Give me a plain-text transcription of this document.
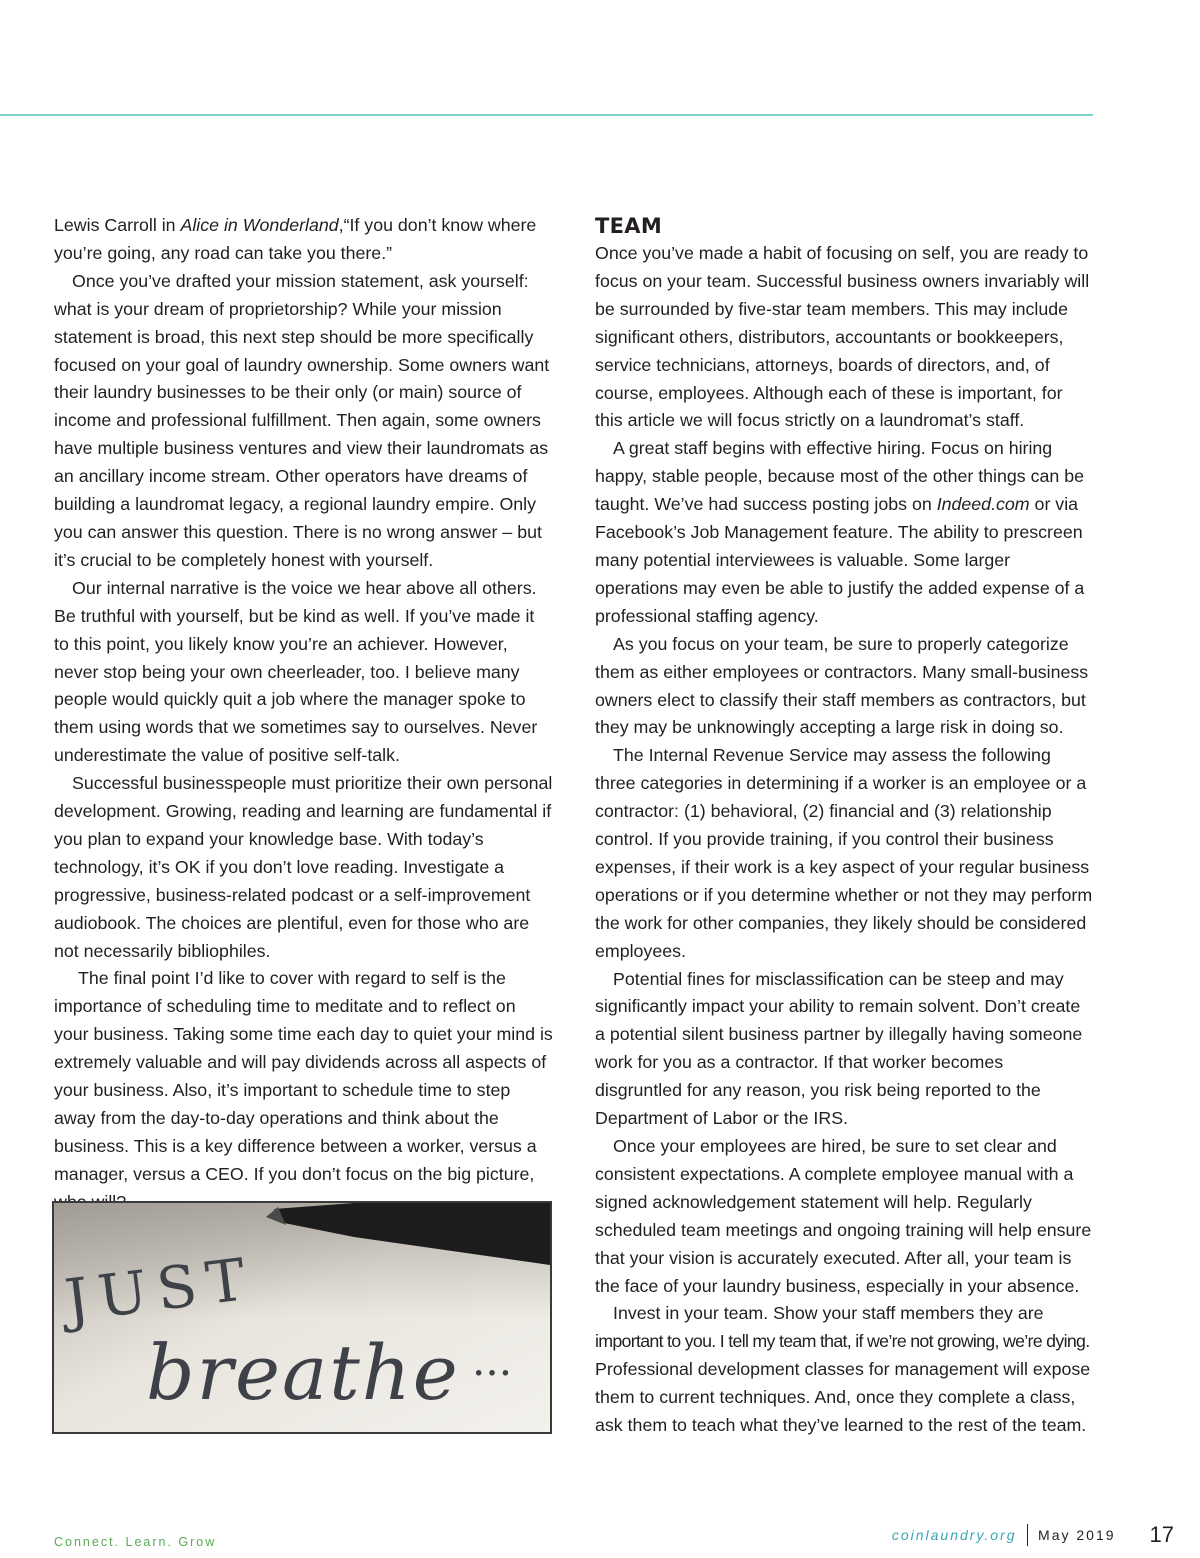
Lewis Carroll in Alice in Wonderland,“If you don’t know where you’re going, any road can take you there.”

Once you’ve drafted your mission statement, ask yourself: what is your dream of proprietorship? While your mission statement is broad, this next step should be more specifically focused on your goal of laundry ownership. Some owners want their laundry businesses to be their only (or main) source of income and professional fulfillment. Then again, some owners have multiple business ventures and view their laundromats as an ancillary income stream. Other operators have dreams of building a laundromat legacy, a regional laundry empire. Only you can answer this question. There is no wrong answer – but it’s crucial to be completely honest with yourself.

Our internal narrative is the voice we hear above all others. Be truthful with yourself, but be kind as well. If you’ve made it to this point, you likely know you’re an achiever. However, never stop being your own cheerleader, too. I believe many people would quickly quit a job where the manager spoke to them using words that we sometimes say to ourselves. Never underestimate the value of positive self-talk.

Successful businesspeople must prioritize their own personal development. Growing, reading and learning are fundamental if you plan to expand your knowledge base. With today’s technology, it’s OK if you don’t love reading. Investigate a progressive, business-related podcast or a self-improvement audiobook. The choices are plentiful, even for those who are not necessarily bibliophiles.

The final point I’d like to cover with regard to self is the importance of scheduling time to meditate and to reflect on your business. Taking some time each day to quiet your mind is extremely valuable and will pay dividends across all aspects of your business. Also, it’s important to schedule time to step away from the day-to-day operations and think about the business. This is a key difference between a worker, versus a manager, versus a CEO. If you don’t focus on the big picture,

JUST
breathe ...
TEAM

Once you’ve made a habit of focusing on self, you are ready to focus on your team. Successful business owners invariably will be surrounded by five-star team members. This may include significant others, distributors, accountants or bookkeepers, service technicians, attorneys, boards of directors, and, of course, employees. Although each of these is important, for this article we will focus strictly on a laundromat’s staff.

A great staff begins with effective hiring. Focus on hiring happy, stable people, because most of the other things can be taught. We’ve had success posting jobs on Indeed.com or via Facebook’s Job Management feature. The ability to prescreen many potential interviewees is valuable. Some larger operations may even be able to justify the added expense of a professional staffing agency.

As you focus on your team, be sure to properly categorize them as either employees or contractors. Many small-business owners elect to classify their staff members as contractors, but they may be unknowingly accepting a large risk in doing so.

The Internal Revenue Service may assess the following three categories in determining if a worker is an employee or a contractor: (1) behavioral, (2) financial and (3) relationship control. If you provide training, if you control their business expenses, if their work is a key aspect of your regular business operations or if you determine whether or not they may perform the work for other companies, they likely should be considered employees.

Potential fines for misclassification can be steep and may significantly impact your ability to remain solvent. Don’t create a potential silent business partner by illegally having someone work for you as a contractor. If that worker becomes disgruntled for any reason, you risk being reported to the Department of Labor or the IRS.

Once your employees are hired, be sure to set clear and consistent expectations. A complete employee manual with a signed acknowledgement statement will help. Regularly scheduled team meetings and ongoing training will help ensure that your vision is accurately executed. After all, your team is the face of your laundry business, especially in your absence.

Invest in your team. Show your staff members they are

important to you. I tell my team that, if we’re not growing, we’re dying.

Professional development classes for management will expose them to current techniques. And, once they complete a class, ask them to teach what they’ve learned to the rest of the team.

Connect. Learn. Grow	coinlaundry.org May 2019 17
